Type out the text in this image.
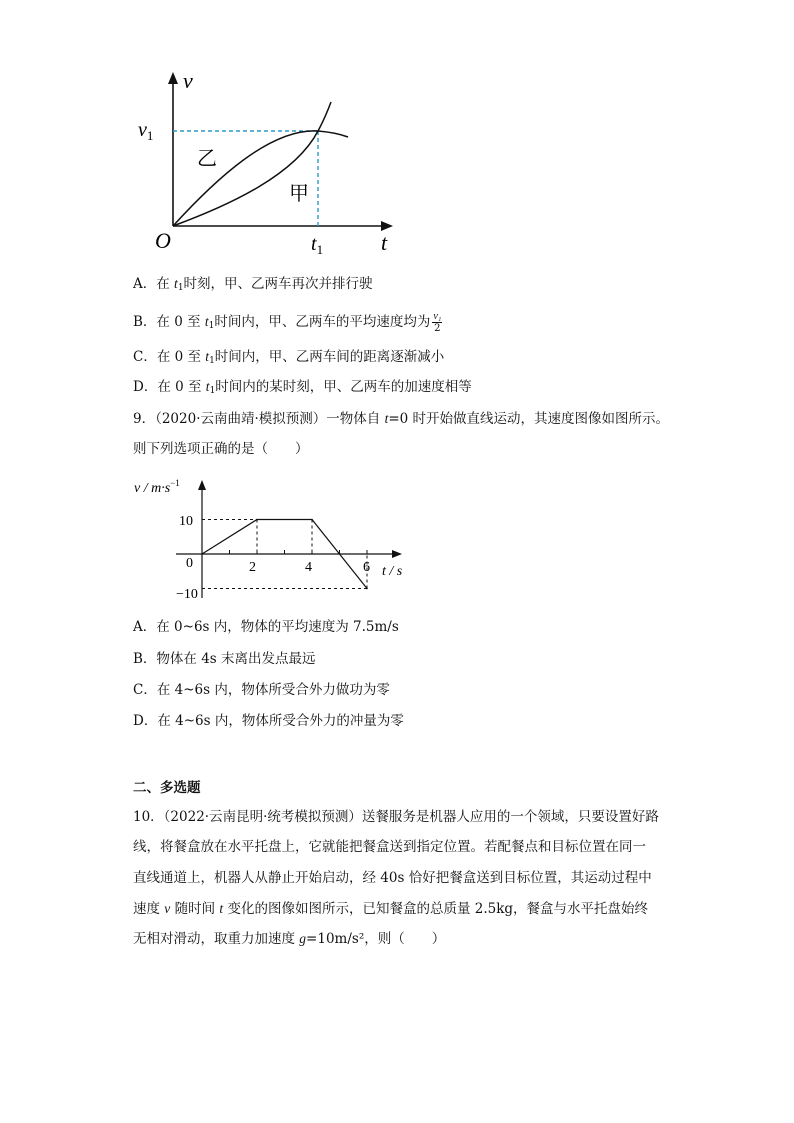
v
$v_1$
乙
甲
O	$t_1$	t
A．在 $t_1$时刻，甲、乙两车再次并排行驶
B．在 0 至 $t_1$时间内，甲、乙两车的平均速度均为 $\frac{\text{v₁}}{2}$
C．在 0 至 $t_1$时间内，甲、乙两车间的距离逐渐减小
D．在 0 至 $t_1$时间内的某时刻，甲、乙两车的加速度相等
9．（2020·云南曲靖·模拟预测）一物体自 t=0 时开始做直线运动，其速度图像如图所示。
则下列选项正确的是（　　）
$v / m\cdot s^{-1}$
10
−10
0	2	4	6 t / s
A．在 0~6s 内，物体的平均速度为 7.5m/s
B．物体在 4s 末离出发点最远
C．在 4~6s 内，物体所受合外力做功为零
D．在 4~6s 内，物体所受合外力的冲量为零
二、多选题
10．（2022·云南昆明·统考模拟预测）送餐服务是机器人应用的一个领域，只要设置好路
线，将餐盒放在水平托盘上，它就能把餐盒送到指定位置。若配餐点和目标位置在同一
直线通道上，机器人从静止开始启动，经 40s 恰好把餐盒送到目标位置，其运动过程中
速度 v 随时间 t 变化的图像如图所示，已知餐盒的总质量 2.5kg，餐盒与水平托盘始终
无相对滑动，取重力加速度 g=10m/s²，则（　　）
